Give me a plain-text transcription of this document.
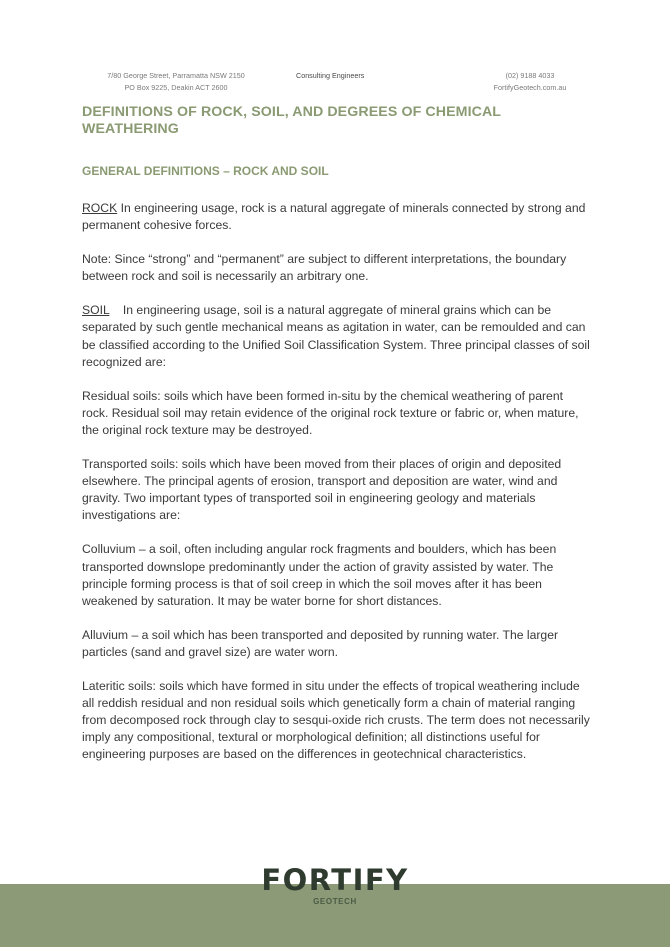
7/80 George Street, Parramatta NSW 2150
PO Box 9225, Deakin ACT 2600
Consulting Engineers	(02) 9188 4033
FortifyGeotech.com.au
DEFINITIONS OF ROCK, SOIL, AND DEGREES OF CHEMICAL WEATHERING
GENERAL DEFINITIONS – ROCK AND SOIL

ROCK In engineering usage, rock is a natural aggregate of minerals connected by strong and permanent cohesive forces.

Note: Since “strong” and “permanent” are subject to different interpretations, the boundary between rock and soil is necessarily an arbitrary one.

SOIL    In engineering usage, soil is a natural aggregate of mineral grains which can be separated by such gentle mechanical means as agitation in water, can be remoulded and can be classified according to the Unified Soil Classification System. Three principal classes of soil recognized are:

Residual soils: soils which have been formed in-situ by the chemical weathering of parent rock. Residual soil may retain evidence of the original rock texture or fabric or, when mature, the original rock texture may be destroyed.

Transported soils: soils which have been moved from their places of origin and deposited elsewhere. The principal agents of erosion, transport and deposition are water, wind and gravity. Two important types of transported soil in engineering geology and materials investigations are:

Colluvium – a soil, often including angular rock fragments and boulders, which has been transported downslope predominantly under the action of gravity assisted by water. The principle forming process is that of soil creep in which the soil moves after it has been weakened by saturation. It may be water borne for short distances.

Alluvium – a soil which has been transported and deposited by running water. The larger particles (sand and gravel size) are water worn.

Lateritic soils: soils which have formed in situ under the effects of tropical weathering include all reddish residual and non residual soils which genetically form a chain of material ranging from decomposed rock through clay to sesqui-oxide rich crusts. The term does not necessarily imply any compositional, textural or morphological definition; all distinctions useful for engineering purposes are based on the differences in geotechnical characteristics.

FORTIFY
GEOTECH
